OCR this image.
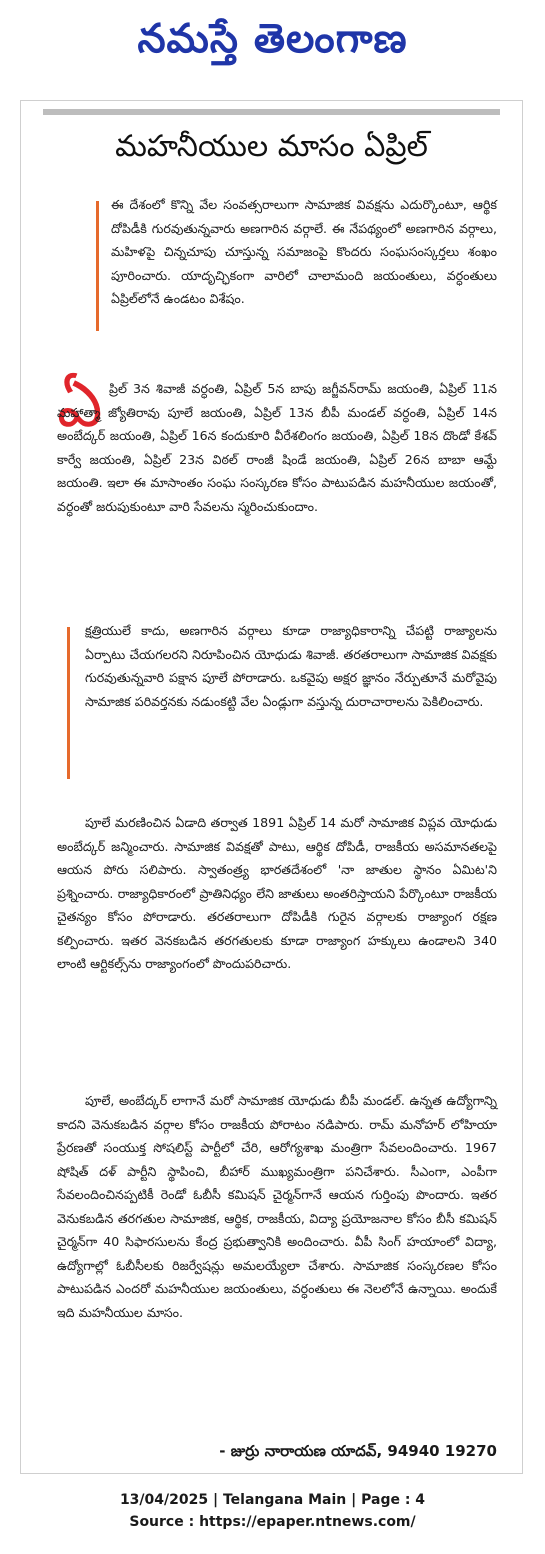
నమస్తే తెలంగాణ
మహనీయుల మాసం ఏప్రిల్

ఈ దేశంలో కొన్ని వేల సంవత్సరాలుగా సామాజిక వివక్షను ఎదుర్కొంటూ, ఆర్థిక దోపిడీకి గురవుతున్నవారు అణగారిన వర్గాలే. ఈ నేపథ్యంలో అణగారిన వర్గాలు, మహిళపై చిన్నచూపు చూస్తున్న సమాజంపై కొందరు సంఘసంస్కర్తలు శంఖం పూరించారు. యాదృచ్ఛికంగా వారిలో చాలామంది జయంతులు, వర్ధంతులు ఏప్రిల్‌లోనే ఉండటం విశేషం.

ఏ ప్రిల్ 3న శివాజీ వర్ధంతి, ఏప్రిల్ 5న బాపు జగ్జీవన్‌రామ్ జయంతి, ఏప్రిల్ 11న మహాత్మా జ్యోతిరావు పూలే జయంతి, ఏప్రిల్ 13న బీపీ మండల్ వర్ధంతి, ఏప్రిల్ 14న అంబేద్కర్ జయంతి, ఏప్రిల్ 16న కందుకూరి వీరేశలింగం జయంతి, ఏప్రిల్ 18న దొండో కేశవ్ కార్వే జయంతి, ఏప్రిల్ 23న విఠల్ రాంజీ షిండే జయంతి, ఏప్రిల్ 26న బాబా ఆమ్టే జయంతి. ఇలా ఈ మాసాంతం సంఘ సంస్కరణ కోసం పాటుపడిన మహనీయుల జయంతో, వర్ధంతో జరుపుకుంటూ వారి సేవలను స్మరించుకుందాం.

క్షత్రియులే కాదు, అణగారిన వర్గాలు కూడా రాజ్యాధికారాన్ని చేపట్టి రాజ్యాలను ఏర్పాటు చేయగలరని నిరూపించిన యోధుడు శివాజీ. తరతరాలుగా సామాజిక వివక్షకు గురవుతున్నవారి పక్షాన పూలే పోరాడారు. ఒకవైపు అక్షర జ్ఞానం నేర్పుతూనే మరోవైపు సామాజిక పరివర్తనకు నడుంకట్టి వేల ఏండ్లుగా వస్తున్న దురాచారాలను పెకిలించారు.

పూలే మరణించిన ఏడాది తర్వాత 1891 ఏప్రిల్ 14 మరో సామాజిక విప్లవ యోధుడు అంబేద్కర్ జన్మించారు. సామాజిక వివక్షతో పాటు, ఆర్థిక దోపిడీ, రాజకీయ అసమానతలపై ఆయన పోరు సలిపారు. స్వాతంత్ర్య భారతదేశంలో 'నా జాతుల స్థానం ఏమిట'ని ప్రశ్నించారు. రాజ్యాధికారంలో ప్రాతినిధ్యం లేని జాతులు అంతరిస్తాయని పేర్కొంటూ రాజకీయ చైతన్యం కోసం పోరాడారు. తరతరాలుగా దోపిడీకి గురైన వర్గాలకు రాజ్యాంగ రక్షణ కల్పించారు. ఇతర వెనకబడిన తరగతులకు కూడా రాజ్యాంగ హక్కులు ఉండాలని 340 లాంటి ఆర్టికల్స్‌ను రాజ్యాంగంలో పొందుపరిచారు.

పూలే, అంబేద్కర్ లాగానే మరో సామాజిక యోధుడు బీపీ మండల్. ఉన్నత ఉద్యోగాన్ని కాదని వెనుకబడిన వర్గాల కోసం రాజకీయ పోరాటం నడిపారు. రామ్ మనోహర్ లోహియా ప్రేరణతో సంయుక్త సోషలిస్ట్ పార్టీలో చేరి, ఆరోగ్యశాఖ మంత్రిగా సేవలందించారు. 1967 షోషిత్ దళ్ పార్టీని స్థాపించి, బీహార్ ముఖ్యమంత్రిగా పనిచేశారు. సీఎంగా, ఎంపీగా సేవలందించినప్పటికీ రెండో ఓబీసీ కమిషన్ చైర్మన్‌గానే ఆయన గుర్తింపు పొందారు. ఇతర వెనుకబడిన తరగతుల సామాజిక, ఆర్థిక, రాజకీయ, విద్యా ప్రయోజనాల కోసం బీసీ కమిషన్ చైర్మన్‌గా 40 సిఫారసులను కేంద్ర ప్రభుత్వానికి అందించారు. వీపీ సింగ్ హయాంలో విద్యా, ఉద్యోగాల్లో ఓబీసీలకు రిజర్వేషన్లు అమలయ్యేలా చేశారు. సామాజిక సంస్కరణల కోసం పాటుపడిన ఎందరో మహనీయుల జయంతులు, వర్ధంతులు ఈ నెలలోనే ఉన్నాయి. అందుకే ఇది మహనీయుల మాసం.

- జుర్రు నారాయణ యాదవ్, 94940 19270
13/04/2025 | Telangana Main | Page : 4
Source : https://epaper.ntnews.com/
